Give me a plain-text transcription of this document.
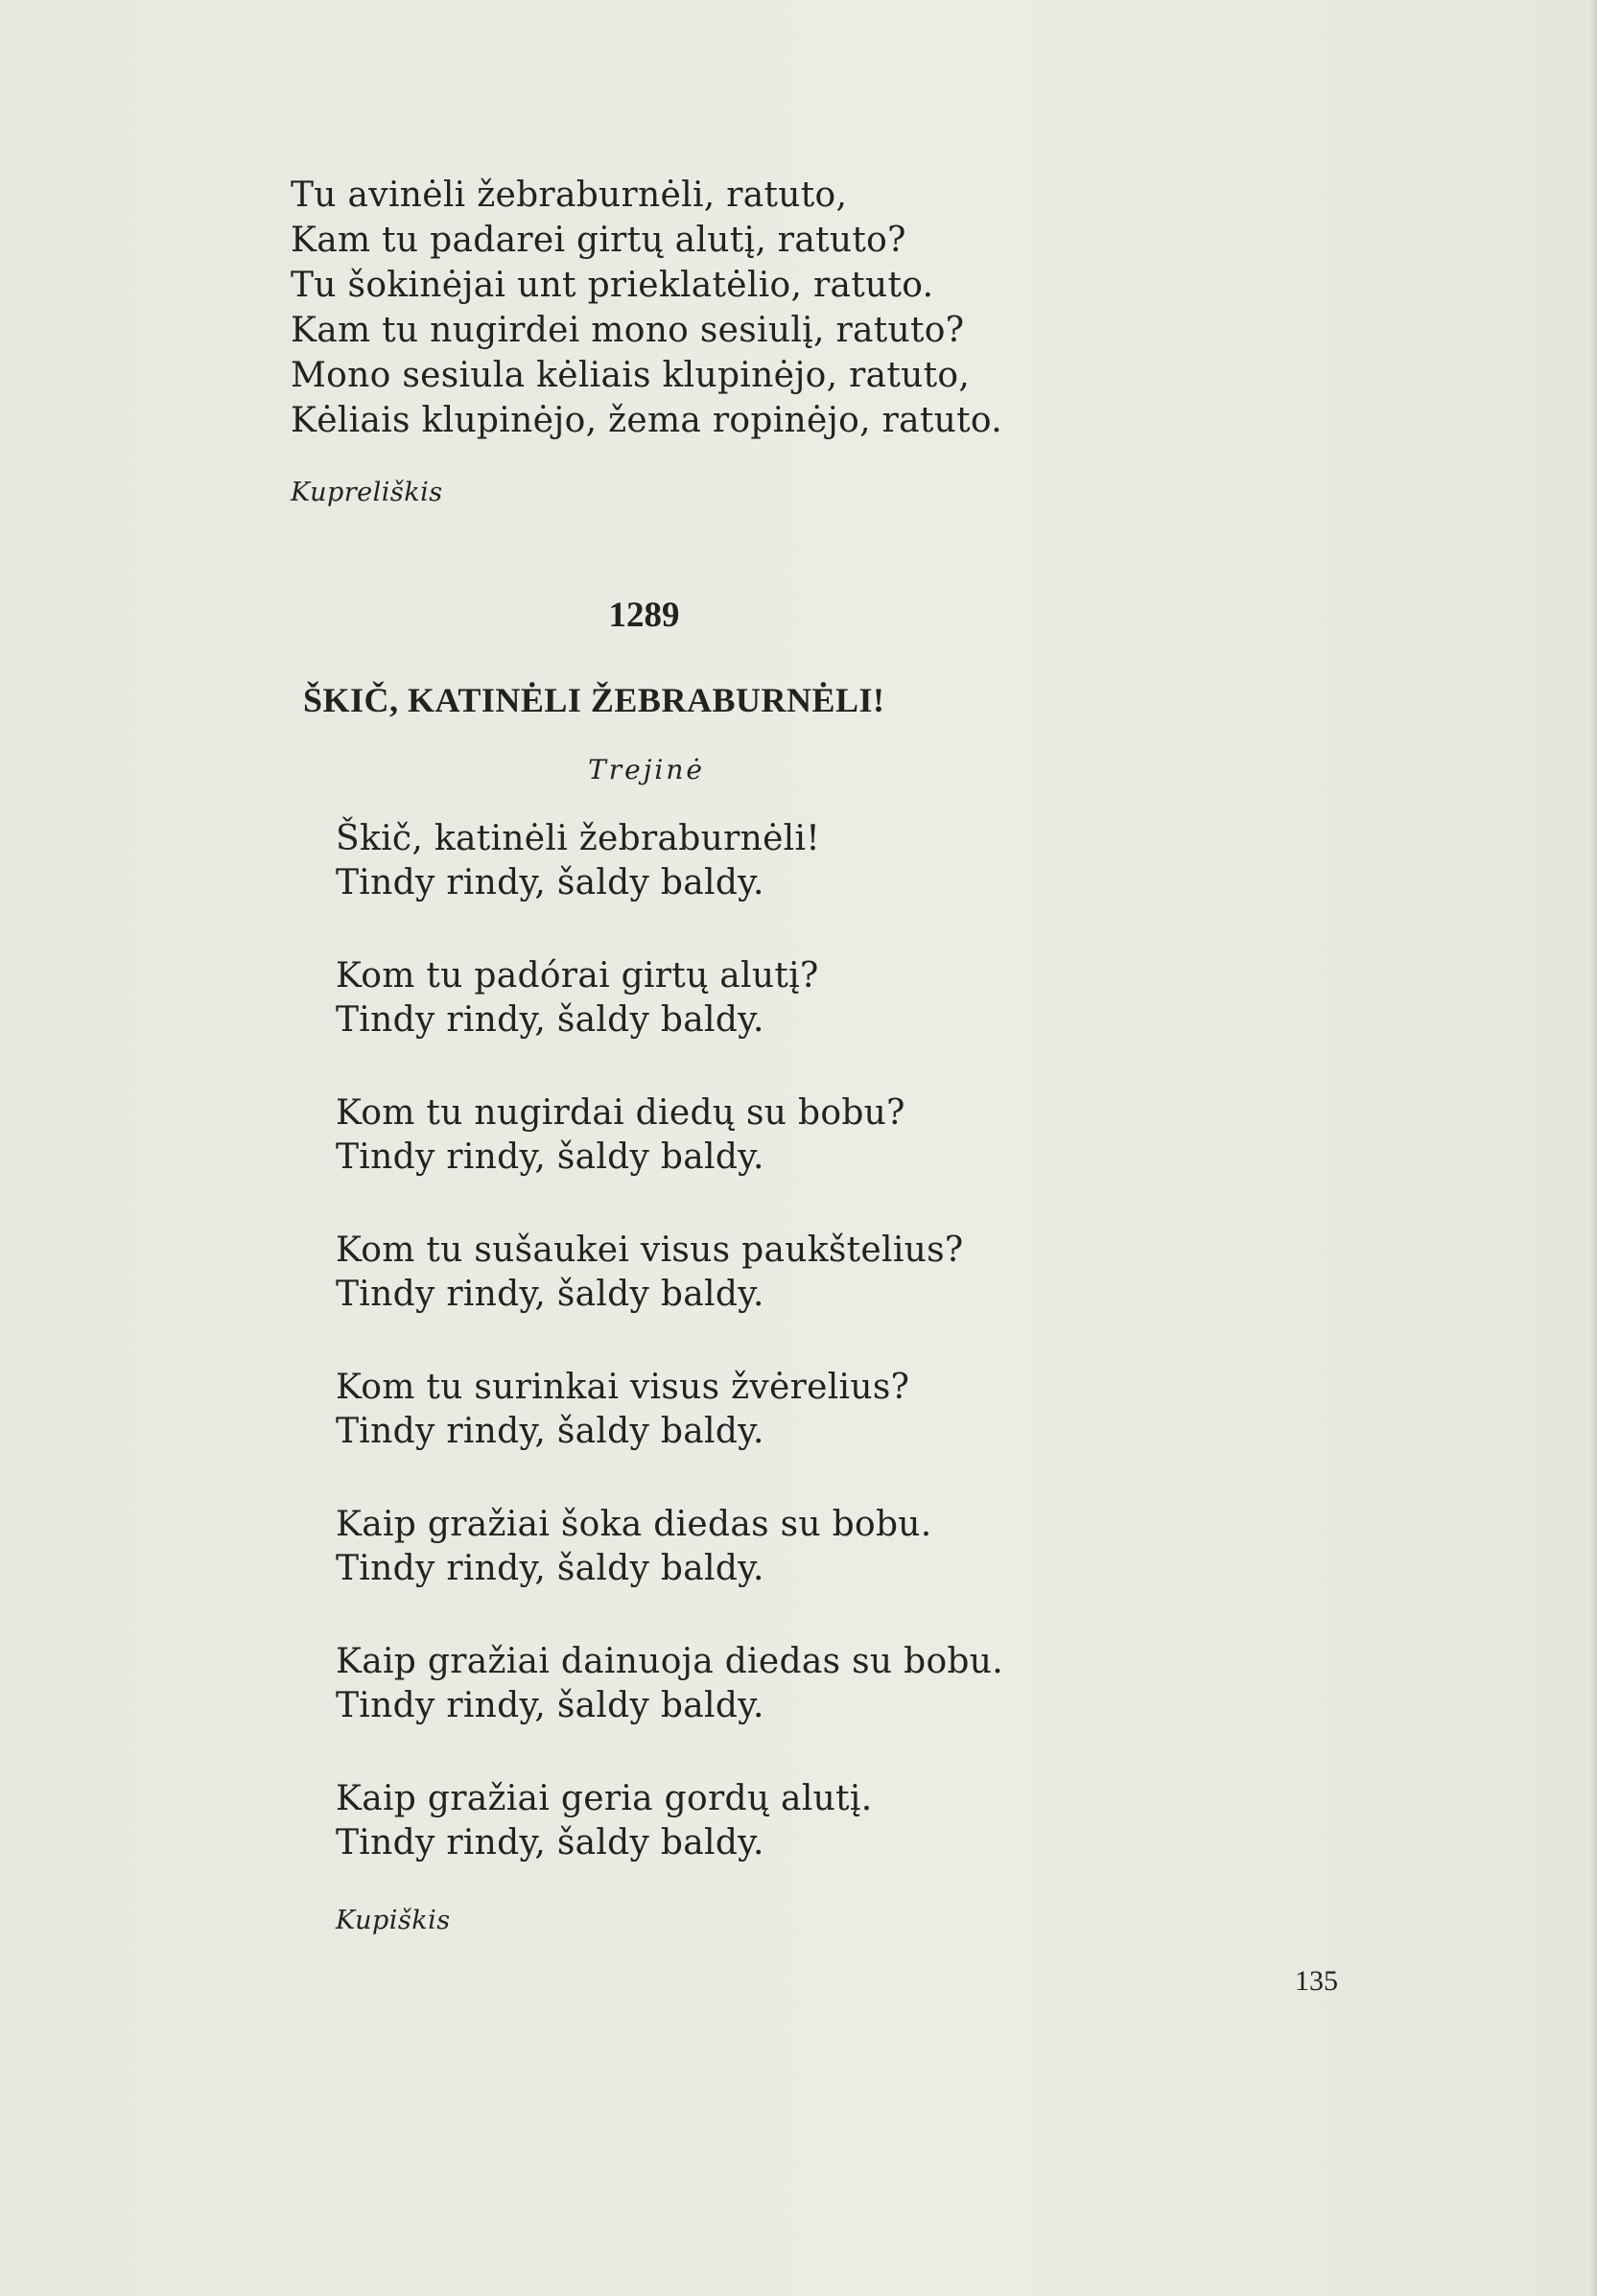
Tu avinėli žebraburnėli, ratuto,
Kam tu padarei girtų alutį, ratuto?
Tu šokinėjai unt prieklatėlio, ratuto.
Kam tu nugirdei mono sesiulį, ratuto?
Mono sesiula kėliais klupinėjo, ratuto,
Kėliais klupinėjo, žema ropinėjo, ratuto.
Kupreliškis
1289
ŠKIČ, KATINĖLI ŽEBRABURNĖLI!
Trejinė
Škič, katinėli žebraburnėli!
Tindy rindy, šaldy baldy.
Kom tu padórai girtų alutį?
Tindy rindy, šaldy baldy.
Kom tu nugirdai diedų su bobu?
Tindy rindy, šaldy baldy.
Kom tu sušaukei visus paukštelius?
Tindy rindy, šaldy baldy.
Kom tu surinkai visus žvėrelius?
Tindy rindy, šaldy baldy.
Kaip gražiai šoka diedas su bobu.
Tindy rindy, šaldy baldy.
Kaip gražiai dainuoja diedas su bobu.
Tindy rindy, šaldy baldy.
Kaip gražiai geria gordų alutį.
Tindy rindy, šaldy baldy.
Kupiškis
135
